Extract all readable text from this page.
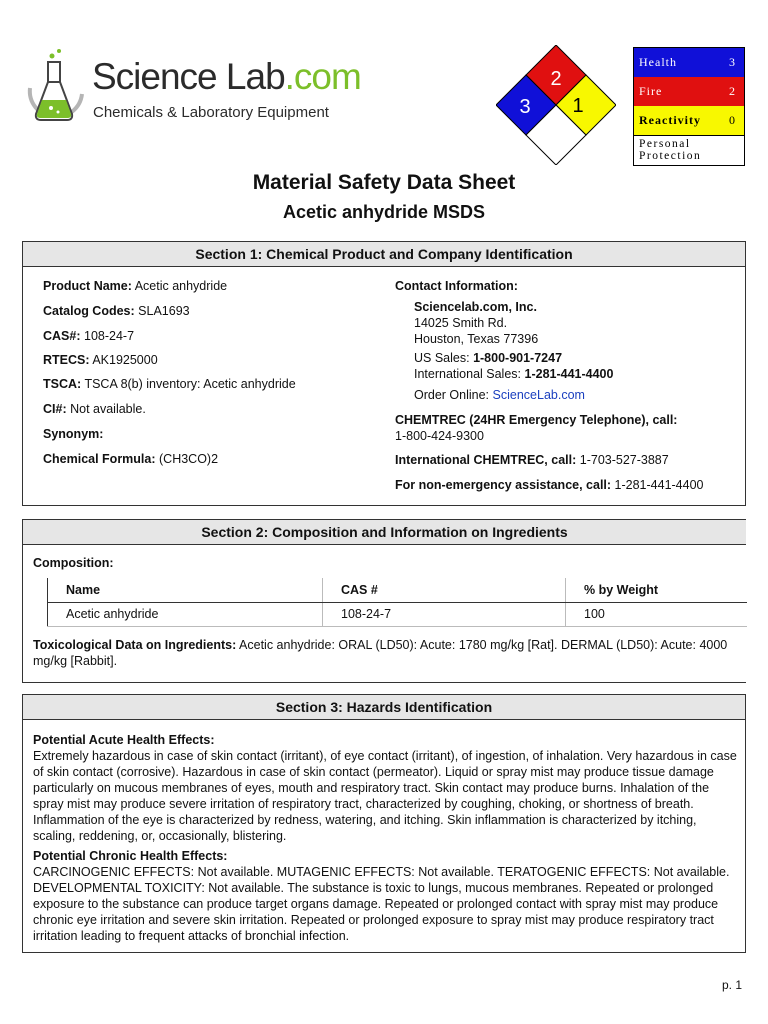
Science Lab.com
Chemicals & Laboratory Equipment
2
3 1
Health	3
Fire	2
Reactivity 0
Personal
Protection
Material Safety Data Sheet
Acetic anhydride MSDS
Section 1: Chemical Product and Company Identification
Product Name: Acetic anhydride
Catalog Codes: SLA1693
CAS#: 108-24-7
RTECS: AK1925000
TSCA: TSCA 8(b) inventory: Acetic anhydride
CI#: Not available.
Synonym:
Chemical Formula: (CH3CO)2
Contact Information:
Sciencelab.com, Inc.
14025 Smith Rd.
Houston, Texas 77396
US Sales: 1-800-901-7247
International Sales: 1-281-441-4400
Order Online: ScienceLab.com
CHEMTREC (24HR Emergency Telephone), call:
1-800-424-9300
International CHEMTREC, call: 1-703-527-3887
For non-emergency assistance, call: 1-281-441-4400
Section 2: Composition and Information on Ingredients
Composition:
Name	CAS #	% by Weight
Acetic anhydride	108-24-7	100
Toxicological Data on Ingredients: Acetic anhydride: ORAL (LD50): Acute: 1780 mg/kg [Rat]. DERMAL (LD50): Acute: 4000 mg/kg [Rabbit].
Section 3: Hazards Identification
Potential Acute Health Effects:
Extremely hazardous in case of skin contact (irritant), of eye contact (irritant), of ingestion, of inhalation. Very hazardous in case of skin contact (corrosive). Hazardous in case of skin contact (permeator). Liquid or spray mist may produce tissue damage particularly on mucous membranes of eyes, mouth and respiratory tract. Skin contact may produce burns. Inhalation of the spray mist may produce severe irritation of respiratory tract, characterized by coughing, choking, or shortness of breath. Inflammation of the eye is characterized by redness, watering, and itching. Skin inflammation is characterized by itching, scaling, reddening, or, occasionally, blistering.
Potential Chronic Health Effects:
CARCINOGENIC EFFECTS: Not available. MUTAGENIC EFFECTS: Not available. TERATOGENIC EFFECTS: Not available. DEVELOPMENTAL TOXICITY: Not available. The substance is toxic to lungs, mucous membranes. Repeated or prolonged exposure to the substance can produce target organs damage. Repeated or prolonged contact with spray mist may produce chronic eye irritation and severe skin irritation. Repeated or prolonged exposure to spray mist may produce respiratory tract irritation leading to frequent attacks of bronchial infection.
p. 1
